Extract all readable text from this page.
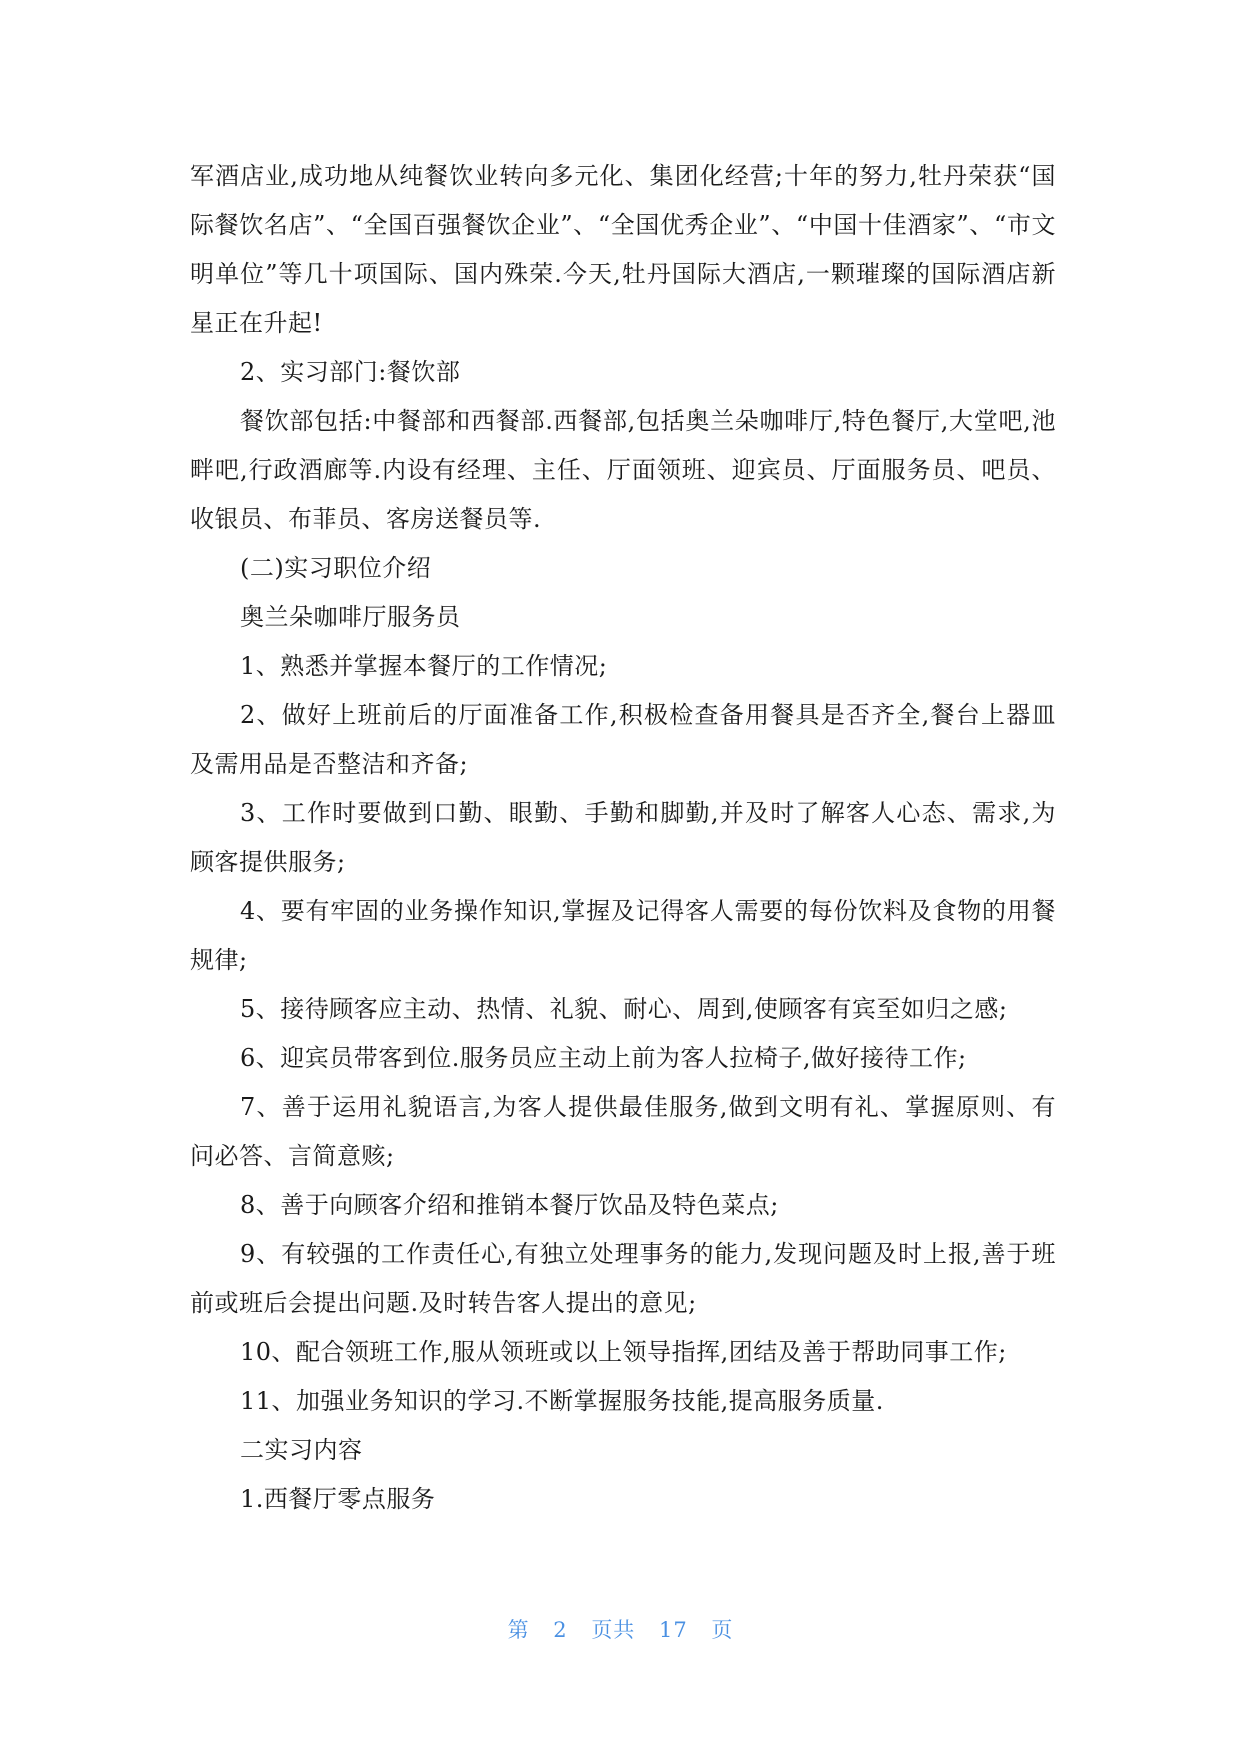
军酒店业,成功地从纯餐饮业转向多元化、集团化经营;十年的努力,牡丹荣获“国际餐饮名店”、“全国百强餐饮企业”、“全国优秀企业”、“中国十佳酒家”、“市文明单位”等几十项国际、国内殊荣.今天,牡丹国际大酒店,一颗璀璨的国际酒店新星正在升起!

2、实习部门:餐饮部

餐饮部包括:中餐部和西餐部.西餐部,包括奥兰朵咖啡厅,特色餐厅,大堂吧,池畔吧,行政酒廊等.内设有经理、主任、厅面领班、迎宾员、厅面服务员、吧员、收银员、布菲员、客房送餐员等.

(二)实习职位介绍

奥兰朵咖啡厅服务员

1、熟悉并掌握本餐厅的工作情况;

2、做好上班前后的厅面准备工作,积极检查备用餐具是否齐全,餐台上器皿及需用品是否整洁和齐备;

3、工作时要做到口勤、眼勤、手勤和脚勤,并及时了解客人心态、需求,为顾客提供服务;

4、要有牢固的业务操作知识,掌握及记得客人需要的每份饮料及食物的用餐规律;

5、接待顾客应主动、热情、礼貌、耐心、周到,使顾客有宾至如归之感;

6、迎宾员带客到位.服务员应主动上前为客人拉椅子,做好接待工作;

7、善于运用礼貌语言,为客人提供最佳服务,做到文明有礼、掌握原则、有问必答、言简意赅;

8、善于向顾客介绍和推销本餐厅饮品及特色菜点;

9、有较强的工作责任心,有独立处理事务的能力,发现问题及时上报,善于班前或班后会提出问题.及时转告客人提出的意见;

10、配合领班工作,服从领班或以上领导指挥,团结及善于帮助同事工作;

11、加强业务知识的学习.不断掌握服务技能,提高服务质量.

二实习内容

1.西餐厅零点服务

第 2 页共 17 页
